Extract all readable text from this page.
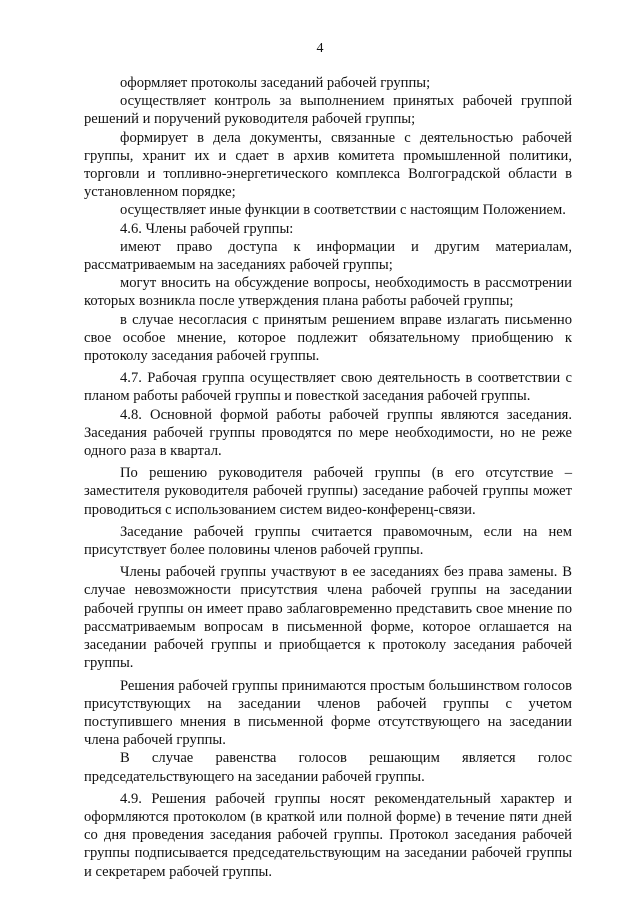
4

оформляет протоколы заседаний рабочей группы;

осуществляет контроль за выполнением принятых рабочей группой решений и поручений руководителя рабочей группы;

формирует в дела документы, связанные с деятельностью рабочей группы, хранит их и сдает в архив комитета промышленной политики, торговли и топливно-энергетического комплекса Волгоградской области в установленном порядке;

осуществляет иные функции в соответствии с настоящим Положением.

4.6. Члены рабочей группы:

имеют право доступа к информации и другим материалам, рассматриваемым на заседаниях рабочей группы;

могут вносить на обсуждение вопросы, необходимость в рассмотрении которых возникла после утверждения плана работы рабочей группы;

в случае несогласия с принятым решением вправе излагать письменно свое особое мнение, которое подлежит обязательному приобщению к протоколу заседания рабочей группы.

4.7. Рабочая группа осуществляет свою деятельность в соответствии с планом работы рабочей группы и повесткой заседания рабочей группы.

4.8. Основной формой работы рабочей группы являются заседания. Заседания рабочей группы проводятся по мере необходимости, но не реже одного раза в квартал.

По решению руководителя рабочей группы (в его отсутствие – заместителя руководителя рабочей группы) заседание рабочей группы может проводиться с использованием систем видео-конференц-связи.

Заседание рабочей группы считается правомочным, если на нем присутствует более половины членов рабочей группы.

Члены рабочей группы участвуют в ее заседаниях без права замены. В случае невозможности присутствия члена рабочей группы на заседании рабочей группы он имеет право заблаговременно представить свое мнение по рассматриваемым вопросам в письменной форме, которое оглашается на заседании рабочей группы и приобщается к протоколу заседания рабочей группы.

Решения рабочей группы принимаются простым большинством голосов присутствующих на заседании членов рабочей группы с учетом поступившего мнения в письменной форме отсутствующего на заседании члена рабочей группы.

В случае равенства голосов решающим является голос председательствующего на заседании рабочей группы.

4.9. Решения рабочей группы носят рекомендательный характер и оформляются протоколом (в краткой или полной форме) в течение пяти дней со дня проведения заседания рабочей группы. Протокол заседания рабочей группы подписывается председательствующим на заседании рабочей группы и секретарем рабочей группы.
